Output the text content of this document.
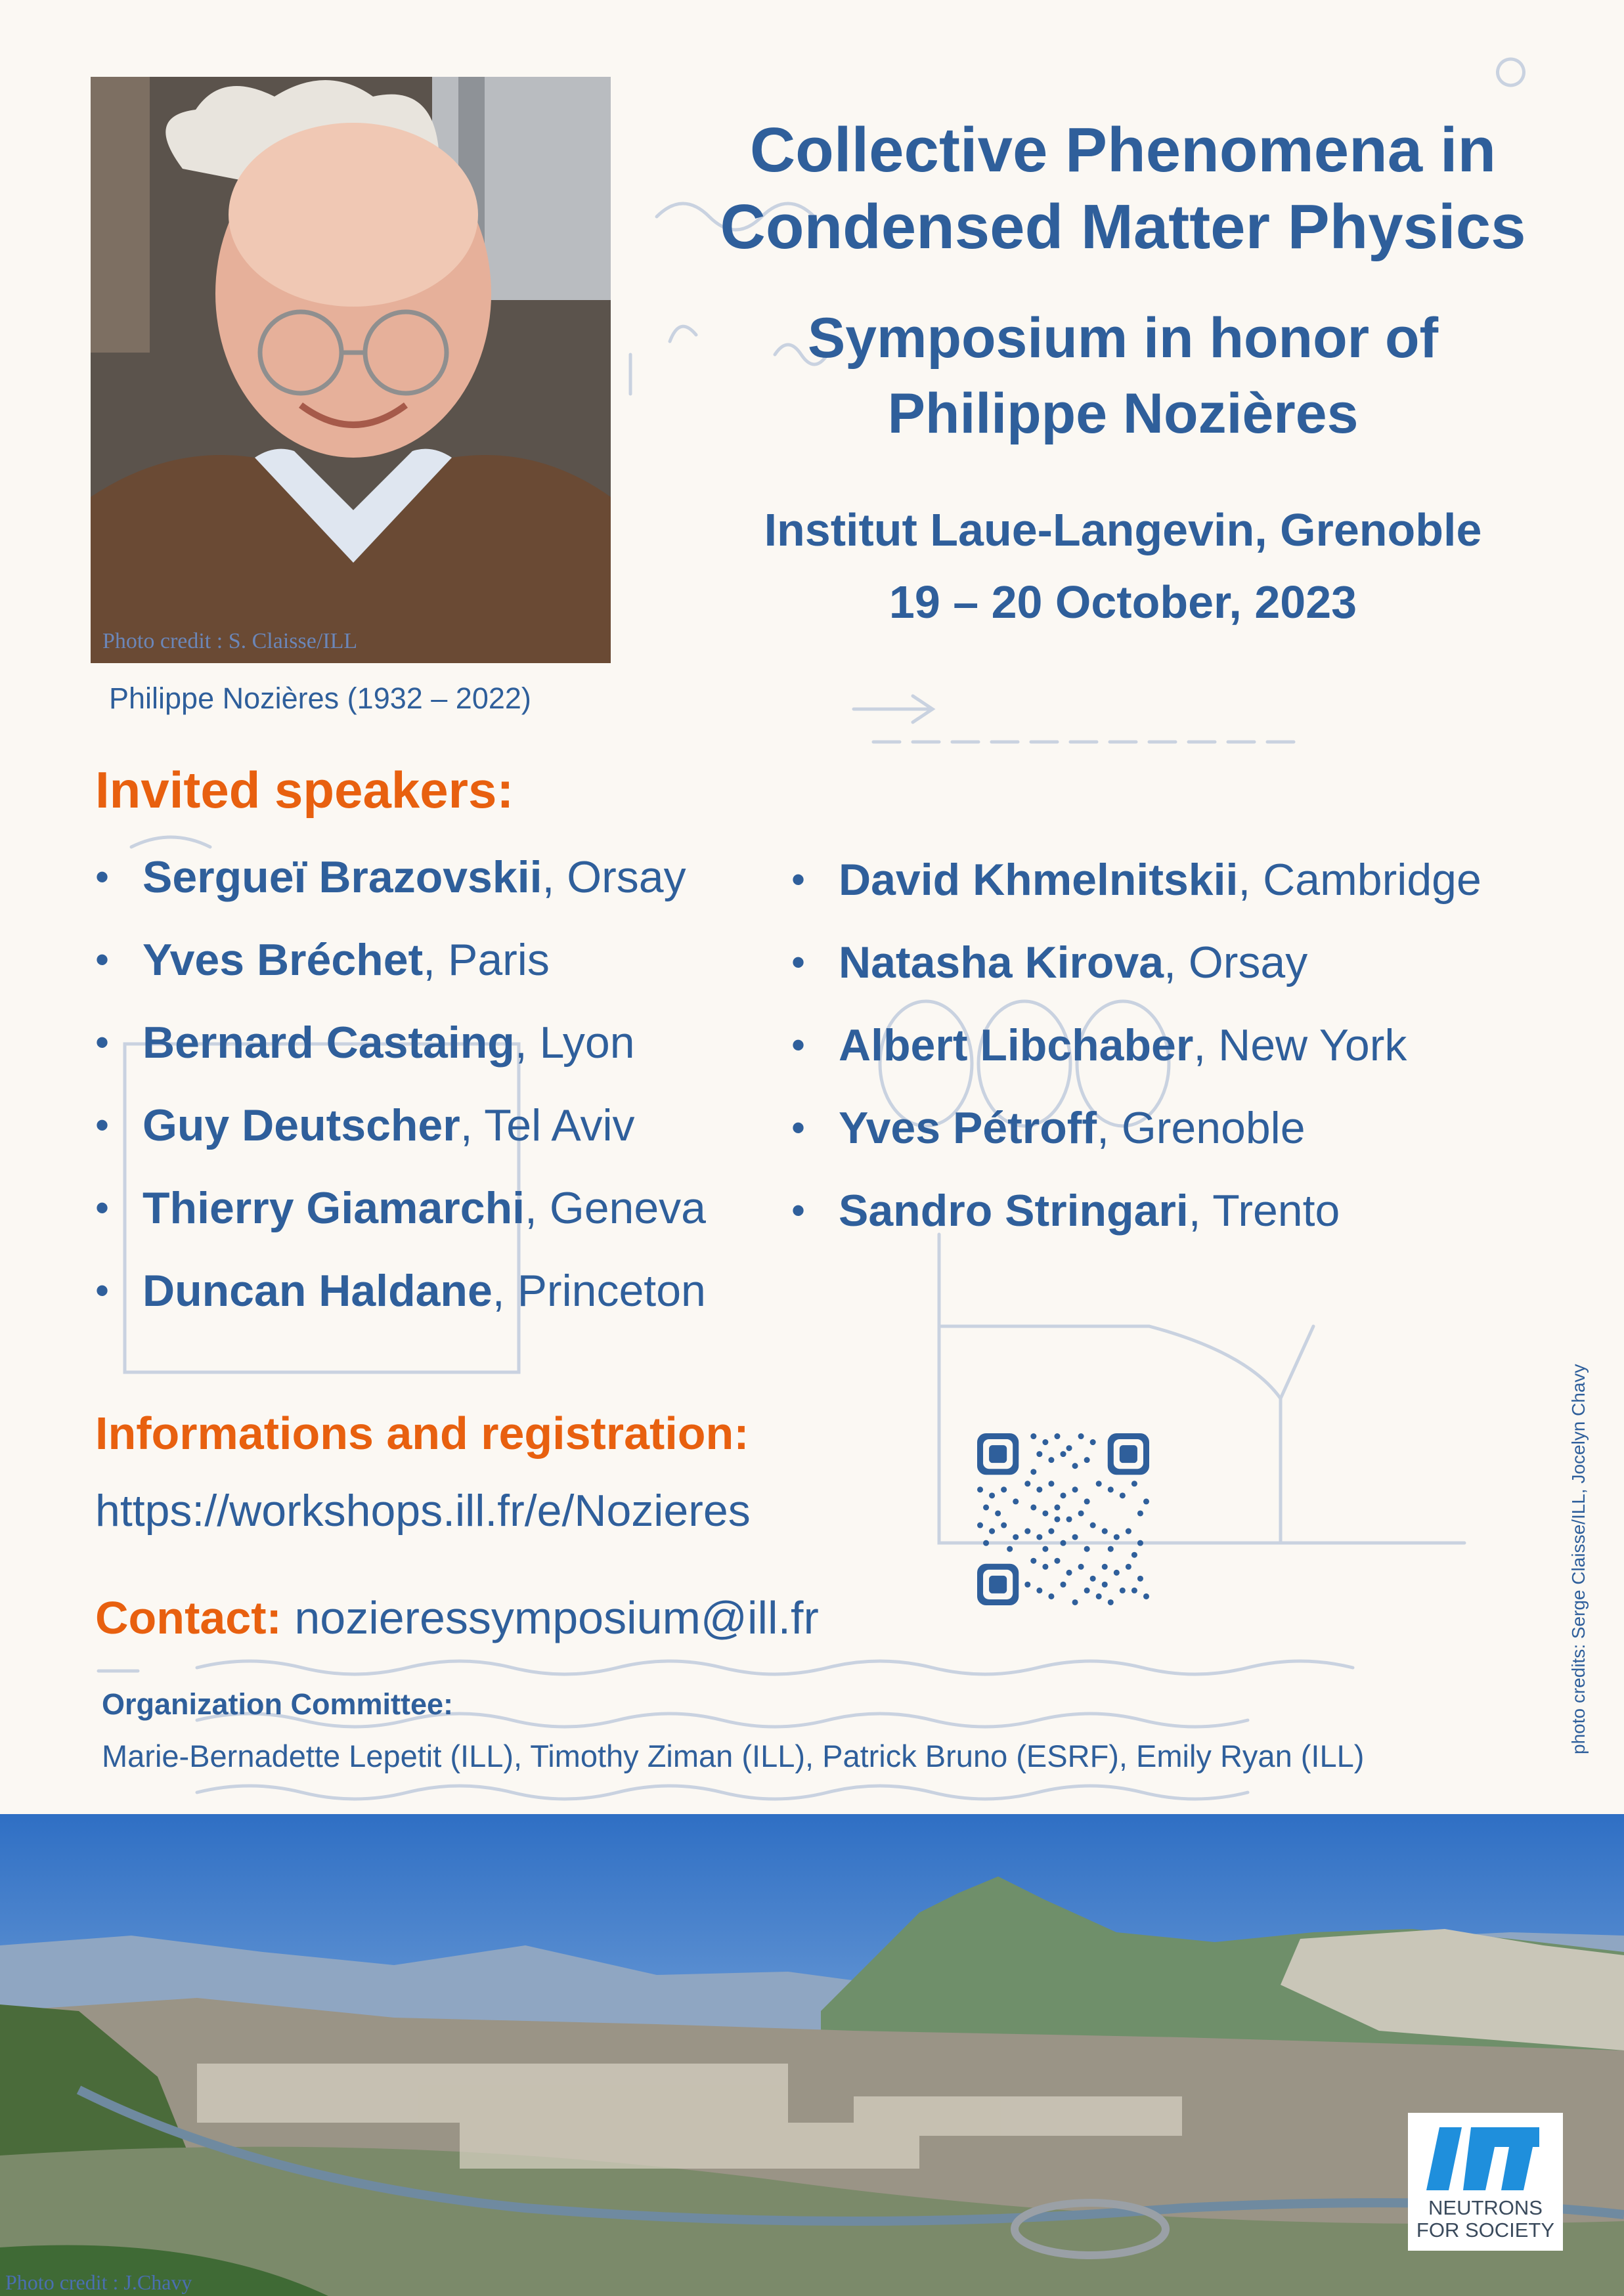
Photo credit : S. Claisse/ILL
Philippe Nozières (1932 – 2022)
Collective Phenomena in
Condensed Matter Physics
Symposium in honor of
Philippe Nozières
Institut Laue-Langevin, Grenoble
19 – 20 October, 2023
Invited speakers:
• Sergueï Brazovskii, Orsay
• Yves Bréchet, Paris
• Bernard Castaing, Lyon
• Guy Deutscher, Tel Aviv
• Thierry Giamarchi, Geneva
• Duncan Haldane, Princeton
• David Khmelnitskii, Cambridge
• Natasha Kirova, Orsay
• Albert Libchaber, New York
• Yves Pétroff, Grenoble
• Sandro Stringari, Trento
Informations and registration:
https://workshops.ill.fr/e/Nozieres
Contact: nozieressymposium@ill.fr
Organization Committee:
Marie-Bernadette Lepetit (ILL), Timothy Ziman (ILL), Patrick Bruno (ESRF), Emily Ryan (ILL)
photo credits: Serge Claisse/ILL, Jocelyn Chavy
Photo credit : J.Chavy
NEUTRONS
FOR SOCIETY
